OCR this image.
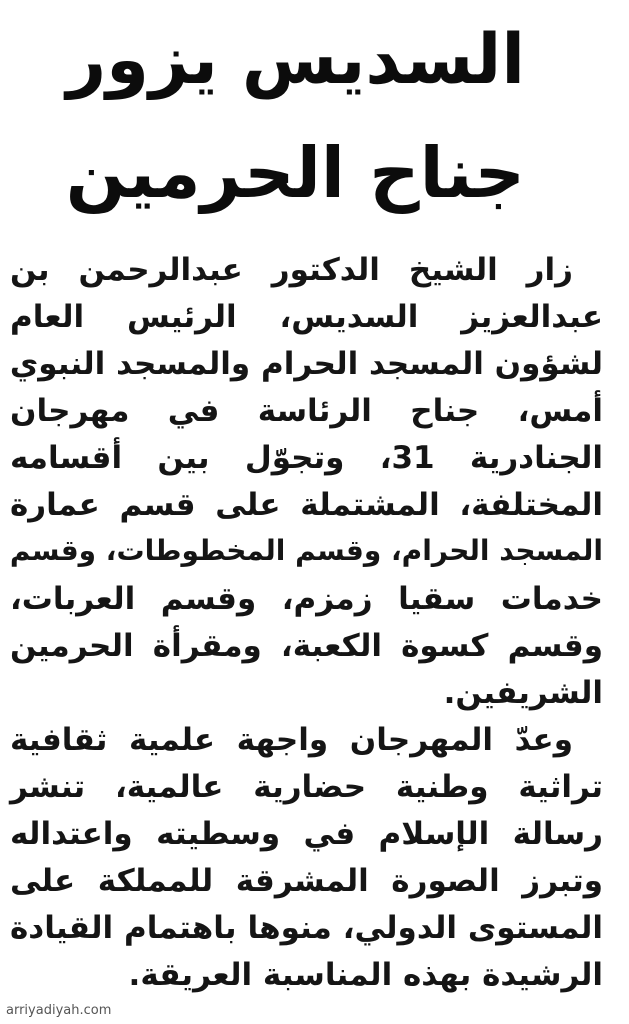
السديس يزور
جناح الحرمين
زار الشيخ الدكتور عبدالرحمن بن
عبدالعزيز السديس، الرئيس العام
لشؤون المسجد الحرام والمسجد النبوي
أمس، جناح الرئاسة في مهرجان
الجنادرية 31، وتجوّل بين أقسامه
المختلفة، المشتملة على قسم عمارة
المسجد الحرام، وقسم المخطوطات، وقسم
خدمات سقيا زمزم، وقسم العربات،
وقسم كسوة الكعبة، ومقرأة الحرمين
الشريفين.
وعدّ المهرجان واجهة علمية ثقافية
تراثية وطنية حضارية عالمية، تنشر
رسالة الإسلام في وسطيته واعتداله
وتبرز الصورة المشرقة للمملكة على
المستوى الدولي، منوها باهتمام القيادة
الرشيدة بهذه المناسبة العريقة.
arriyadiyah.com
